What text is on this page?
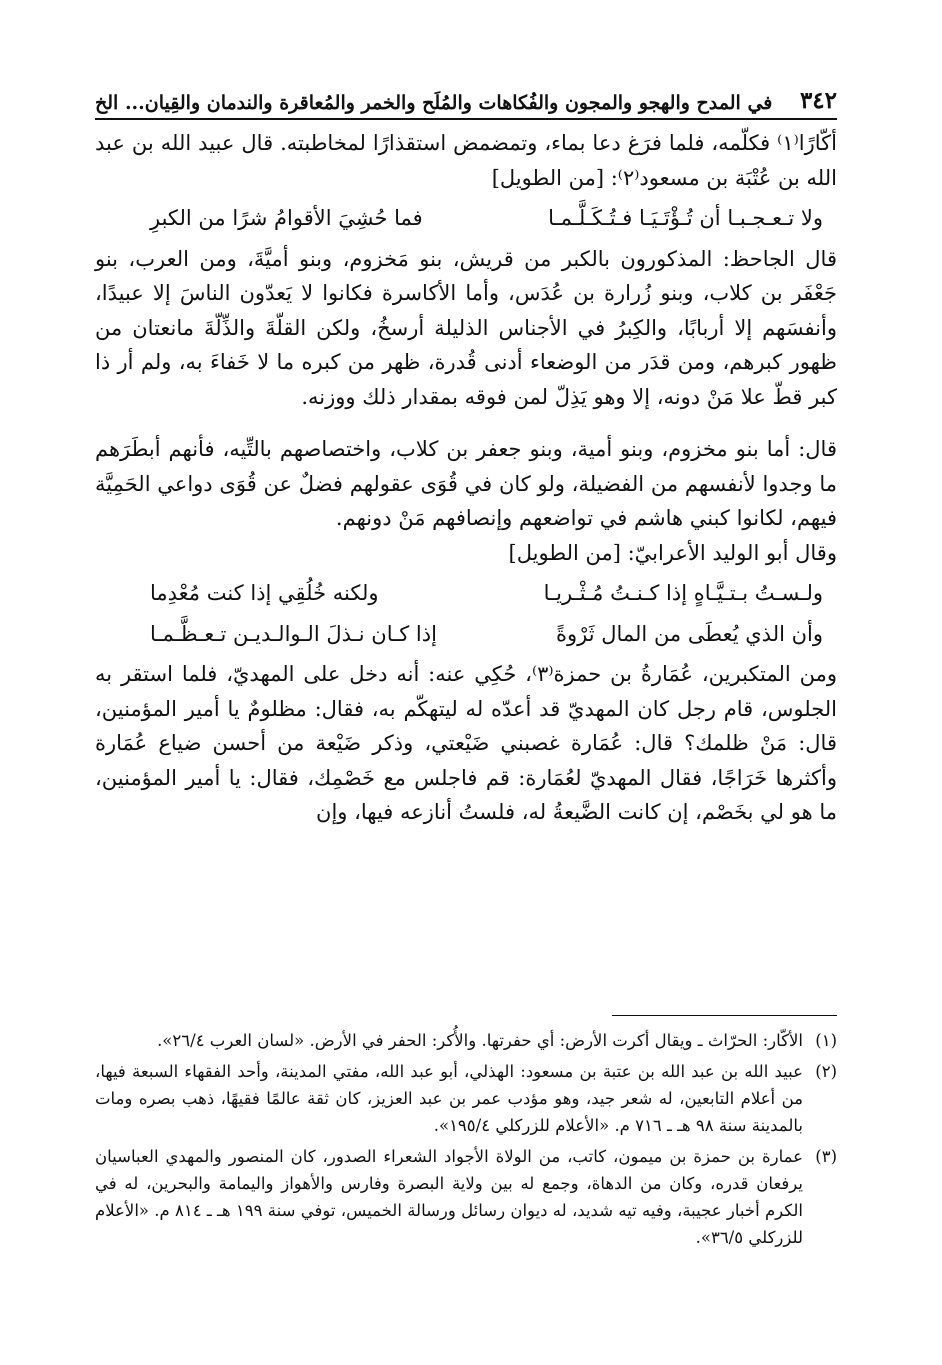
٣٤٢
في المدح والهجو والمجون والفُكاهات والمُلَح والخمر والمُعاقرة والندمان والقِيان... الخ

أكّارًا⁽١⁾ فكلّمه، فلما فرَغ دعا بماء، وتمضمض استقذارًا لمخاطبته. قال عبيد الله بن عبد الله بن عُتْبَة بن مسعود⁽٢⁾: [من الطويل]

ولا تـعـجـبـا أن تُـؤْتَـيَـا فـتُـكَـلَّـمـا
فما حُشِيَ الأقوامُ شرًا من الكبرِ

قال الجاحظ: المذكورون بالكبر من قريش، بنو مَخزوم، وبنو أميَّةَ، ومن العرب، بنو جَعْفَر بن كلاب، وبنو زُرارة بن عُدَس، وأما الأكاسرة فكانوا لا يَعدّون الناسَ إلا عبيدًا، وأنفسَهم إلا أربابًا، والكِبرُ في الأجناس الذليلة أرسخُ، ولكن القلّةَ والذِّلّةَ مانعتان من ظهور كبرهم، ومن قدَر من الوضعاء أدنى قُدرة، ظهر من كبره ما لا خَفاءَ به، ولم أر ذا كبر قطّ علا مَنْ دونه، إلا وهو يَذِلّ لمن فوقه بمقدار ذلك ووزنه.

قال: أما بنو مخزوم، وبنو أمية، وبنو جعفر بن كلاب، واختصاصهم بالتِّيه، فأنهم أبطَرَهم ما وجدوا لأنفسهم من الفضيلة، ولو كان في قُوَى عقولهم فضلٌ عن قُوَى دواعي الحَمِيَّة فيهم، لكانوا كبني هاشم في تواضعهم وإنصافهم مَنْ دونهم.

وقال أبو الوليد الأعرابيّ: [من الطويل]

ولـسـتُ بـتـيَّـاهٍ إذا كـنـتُ مُـثْـريـا
ولكنه خُلُقِي إذا كنت مُعْدِما
وأن الذي يُعطَى من المال ثَرْوةً
إذا كـان نـذلَ الـوالـديـن تـعـظَّـمـا

ومن المتكبرين، عُمَارةُ بن حمزة⁽٣⁾، حُكِي عنه: أنه دخل على المهديّ، فلما استقر به الجلوس، قام رجل كان المهديّ قد أعدّه له ليتهكّم به، فقال: مظلومٌ يا أمير المؤمنين، قال: مَنْ ظلمك؟ قال: عُمَارة غصبني ضَيْعتي، وذكر ضَيْعة من أحسن ضياع عُمَارة وأكثرها خَرَاجًا، فقال المهديّ لعُمَارة: قم فاجلس مع خَصْمِك، فقال: يا أمير المؤمنين، ما هو لي بخَصْم، إن كانت الضَّيعةُ له، فلستُ أنازعه فيها، وإن

(١)
الأكّار: الحرّاث ـ ويقال أكرت الأرض: أي حفرتها. والأُكر: الحفر في الأرض. «لسان العرب ٢٦/٤».
(٢)
عبيد الله بن عبد الله بن عتبة بن مسعود: الهذلي، أبو عبد الله، مفتي المدينة، وأحد الفقهاء السبعة فيها، من أعلام التابعين، له شعر جيد، وهو مؤدب عمر بن عبد العزيز، كان ثقة عالمًا فقيهًا، ذهب بصره ومات بالمدينة سنة ٩٨ هـ ـ ٧١٦ م. «الأعلام للزركلي ١٩٥/٤».
(٣)
عمارة بن حمزة بن ميمون، كاتب، من الولاة الأجواد الشعراء الصدور، كان المنصور والمهدي العباسيان يرفعان قدره، وكان من الدهاة، وجمع له بين ولاية البصرة وفارس والأهواز واليمامة والبحرين، له في الكرم أخبار عجيبة، وفيه تيه شديد، له ديوان رسائل ورسالة الخميس، توفي سنة ١٩٩ هـ ـ ٨١٤ م. «الأعلام للزركلي ٣٦/٥».
